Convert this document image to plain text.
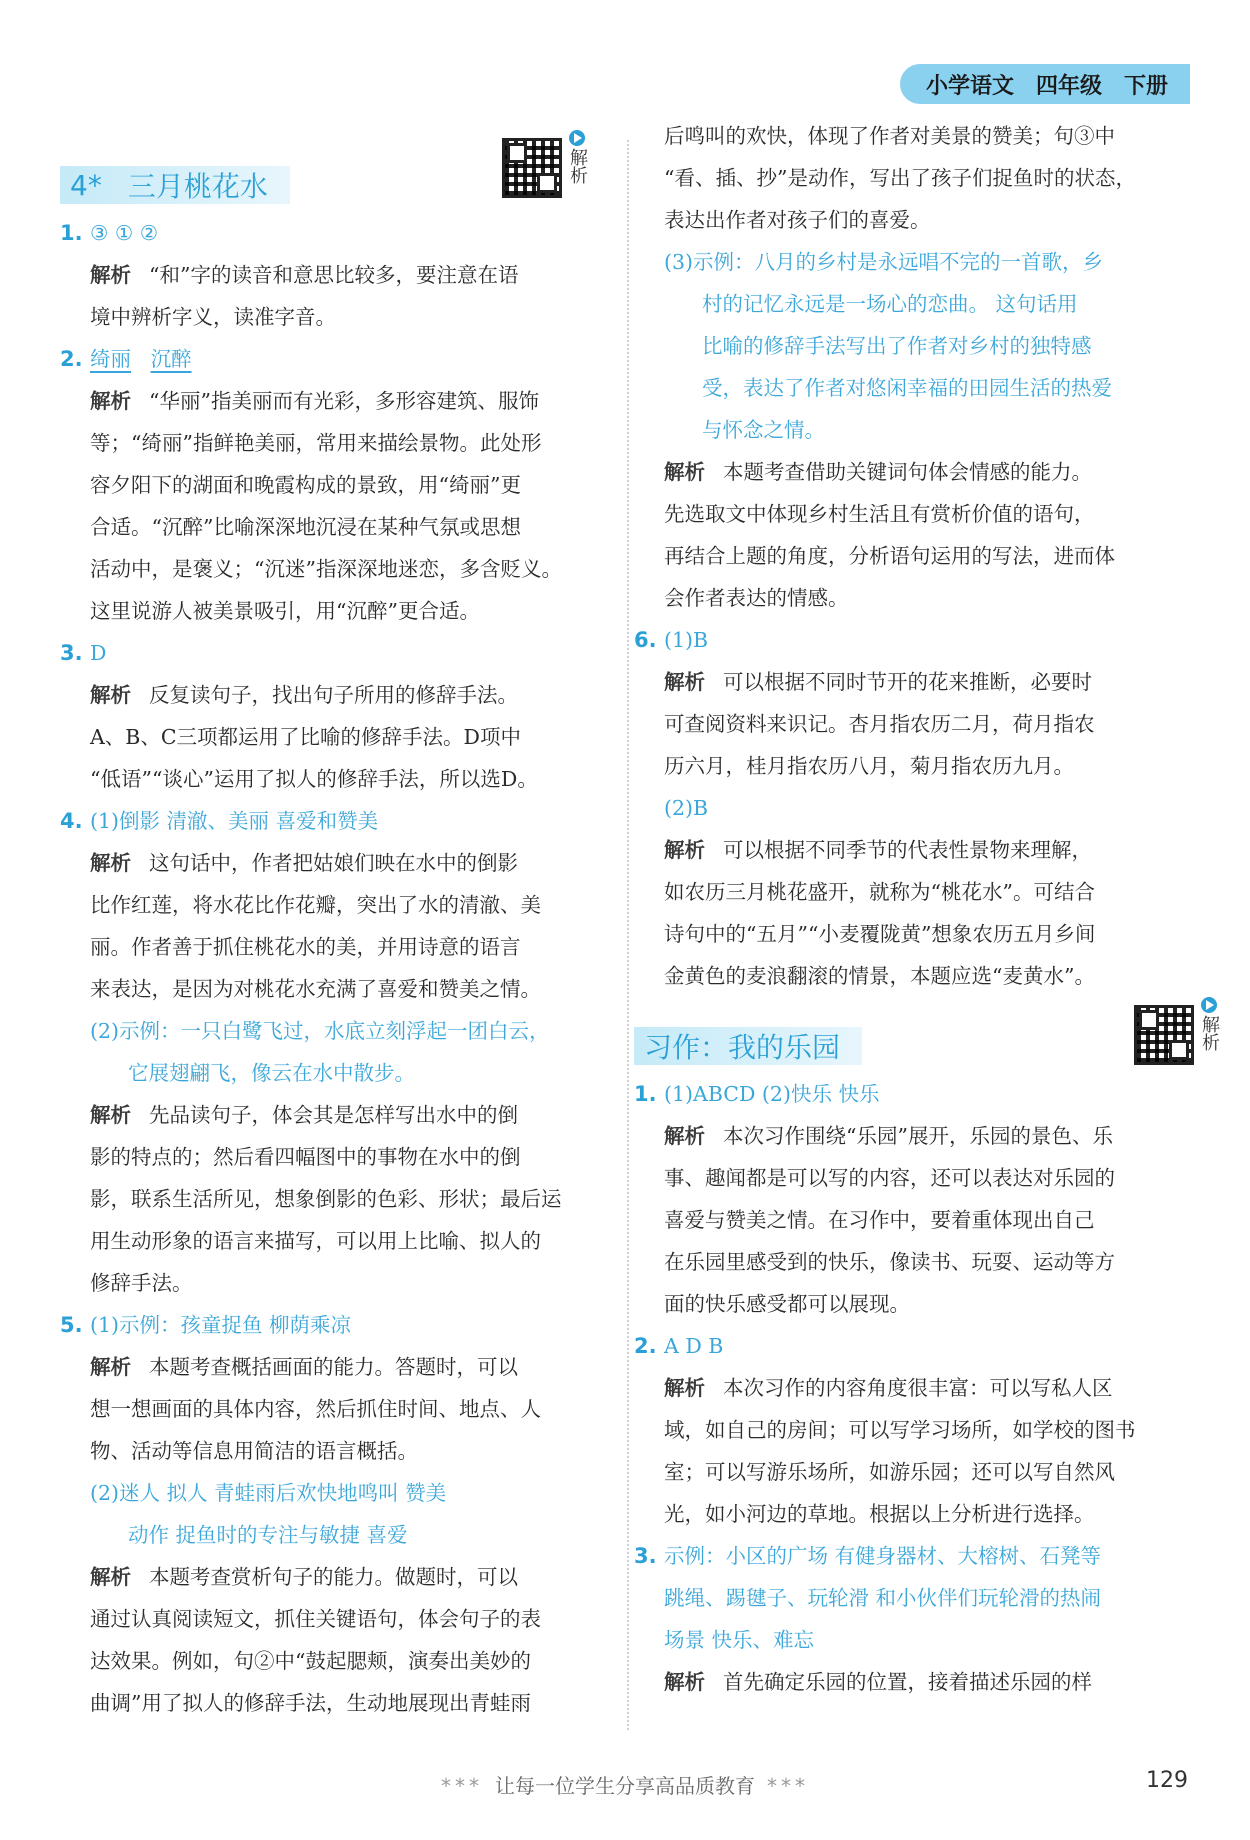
小学语文 四年级 下册
4* 三月桃花水
解析
1. ③ ① ②
解析 “和”字的读音和意思比较多，要注意在语
境中辨析字义，读准字音。
2. 绮丽 沉醉
解析 “华丽”指美丽而有光彩，多形容建筑、服饰
等；“绮丽”指鲜艳美丽，常用来描绘景物。此处形
容夕阳下的湖面和晚霞构成的景致，用“绮丽”更
合适。“沉醉”比喻深深地沉浸在某种气氛或思想
活动中，是褒义；“沉迷”指深深地迷恋，多含贬义。
这里说游人被美景吸引，用“沉醉”更合适。
3. D
解析 反复读句子，找出句子所用的修辞手法。
A、B、C三项都运用了比喻的修辞手法。D项中
“低语”“谈心”运用了拟人的修辞手法，所以选D。
4. (1)倒影 清澈、美丽 喜爱和赞美
解析 这句话中，作者把姑娘们映在水中的倒影
比作红莲，将水花比作花瓣，突出了水的清澈、美
丽。作者善于抓住桃花水的美，并用诗意的语言
来表达，是因为对桃花水充满了喜爱和赞美之情。
(2)示例：一只白鹭飞过，水底立刻浮起一团白云，
它展翅翩飞，像云在水中散步。
解析 先品读句子，体会其是怎样写出水中的倒
影的特点的；然后看四幅图中的事物在水中的倒
影，联系生活所见，想象倒影的色彩、形状；最后运
用生动形象的语言来描写，可以用上比喻、拟人的
修辞手法。
5. (1)示例：孩童捉鱼 柳荫乘凉
解析 本题考查概括画面的能力。答题时，可以
想一想画面的具体内容，然后抓住时间、地点、人
物、活动等信息用简洁的语言概括。
(2)迷人 拟人 青蛙雨后欢快地鸣叫 赞美
动作 捉鱼时的专注与敏捷 喜爱
解析 本题考查赏析句子的能力。做题时，可以
通过认真阅读短文，抓住关键语句，体会句子的表
达效果。例如，句②中“鼓起腮颊，演奏出美妙的
曲调”用了拟人的修辞手法，生动地展现出青蛙雨
后鸣叫的欢快，体现了作者对美景的赞美；句③中
“看、插、抄”是动作，写出了孩子们捉鱼时的状态，
表达出作者对孩子们的喜爱。
(3)示例：八月的乡村是永远唱不完的一首歌，乡
村的记忆永远是一场心的恋曲。 这句话用
比喻的修辞手法写出了作者对乡村的独特感
受，表达了作者对悠闲幸福的田园生活的热爱
与怀念之情。
解析 本题考查借助关键词句体会情感的能力。
先选取文中体现乡村生活且有赏析价值的语句，
再结合上题的角度，分析语句运用的写法，进而体
会作者表达的情感。
6. (1)B
解析 可以根据不同时节开的花来推断，必要时
可查阅资料来识记。杏月指农历二月，荷月指农
历六月，桂月指农历八月，菊月指农历九月。
(2)B
解析 可以根据不同季节的代表性景物来理解，
如农历三月桃花盛开，就称为“桃花水”。可结合
诗句中的“五月”“小麦覆陇黄”想象农历五月乡间
金黄色的麦浪翻滚的情景，本题应选“麦黄水”。
习作 ：我的乐园	解析
1. (1)ABCD (2)快乐 快乐
解析 本次习作围绕“乐园”展开，乐园的景色、乐
事、趣闻都是可以写的内容，还可以表达对乐园的
喜爱与赞美之情。在习作中，要着重体现出自己
在乐园里感受到的快乐，像读书、玩耍、运动等方
面的快乐感受都可以展现。
2. A D B
解析 本次习作的内容角度很丰富：可以写私人区
域，如自己的房间；可以写学习场所，如学校的图书
室；可以写游乐场所，如游乐园；还可以写自然风
光，如小河边的草地。根据以上分析进行选择。
3. 示例：小区的广场 有健身器材、大榕树、石凳等
跳绳、踢毽子、玩轮滑 和小伙伴们玩轮滑的热闹
场景 快乐、难忘
解析 首先确定乐园的位置，接着描述乐园的样
*** 让每一位学生分享高品质教育 ***	129
